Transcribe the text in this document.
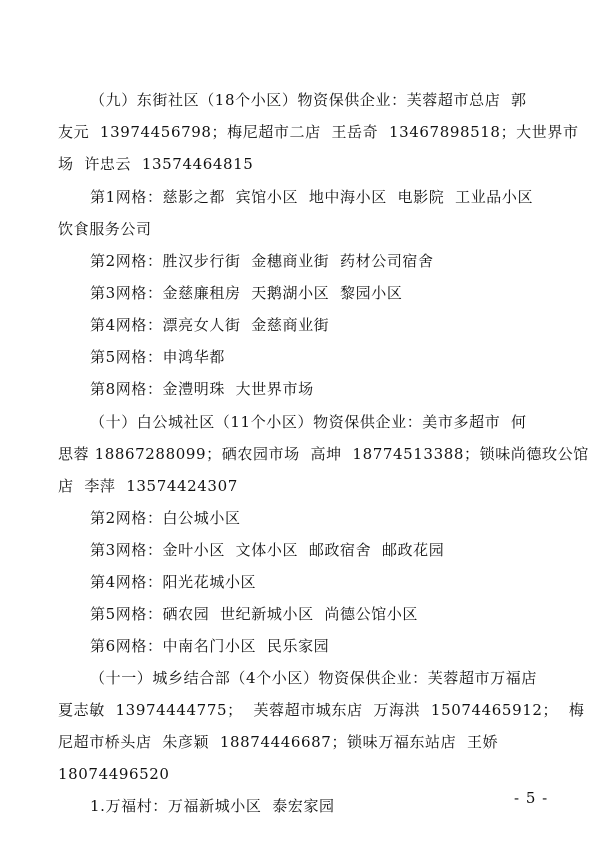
（九）东街社区（18个小区）物资保供企业：芙蓉超市总店  郭
友元  13974456798；梅尼超市二店  王岳奇  13467898518；大世界市
场  许忠云  13574464815
第1网格：慈影之都  宾馆小区  地中海小区  电影院  工业品小区
饮食服务公司
第2网格：胜汉步行街  金穗商业街  药材公司宿舍
第3网格：金慈廉租房  天鹅湖小区  黎园小区
第4网格：漂亮女人街  金慈商业街
第5网格：申鸿华都
第8网格：金澧明珠  大世界市场
（十）白公城社区（11个小区）物资保供企业：美市多超市  何
思蓉 18867288099；硒农园市场  高坤  18774513388；锁味尚德玫公馆
店  李萍  13574424307
第2网格：白公城小区
第3网格：金叶小区  文体小区  邮政宿舍  邮政花园
第4网格：阳光花城小区
第5网格：硒农园  世纪新城小区  尚德公馆小区
第6网格：中南名门小区  民乐家园
（十一）城乡结合部（4个小区）物资保供企业：芙蓉超市万福店
夏志敏  13974444775；  芙蓉超市城东店  万海洪  15074465912；  梅
尼超市桥头店  朱彦颖  18874446687；锁味万福东站店  王娇
18074496520
1.万福村：万福新城小区  泰宏家园	- 5 -
